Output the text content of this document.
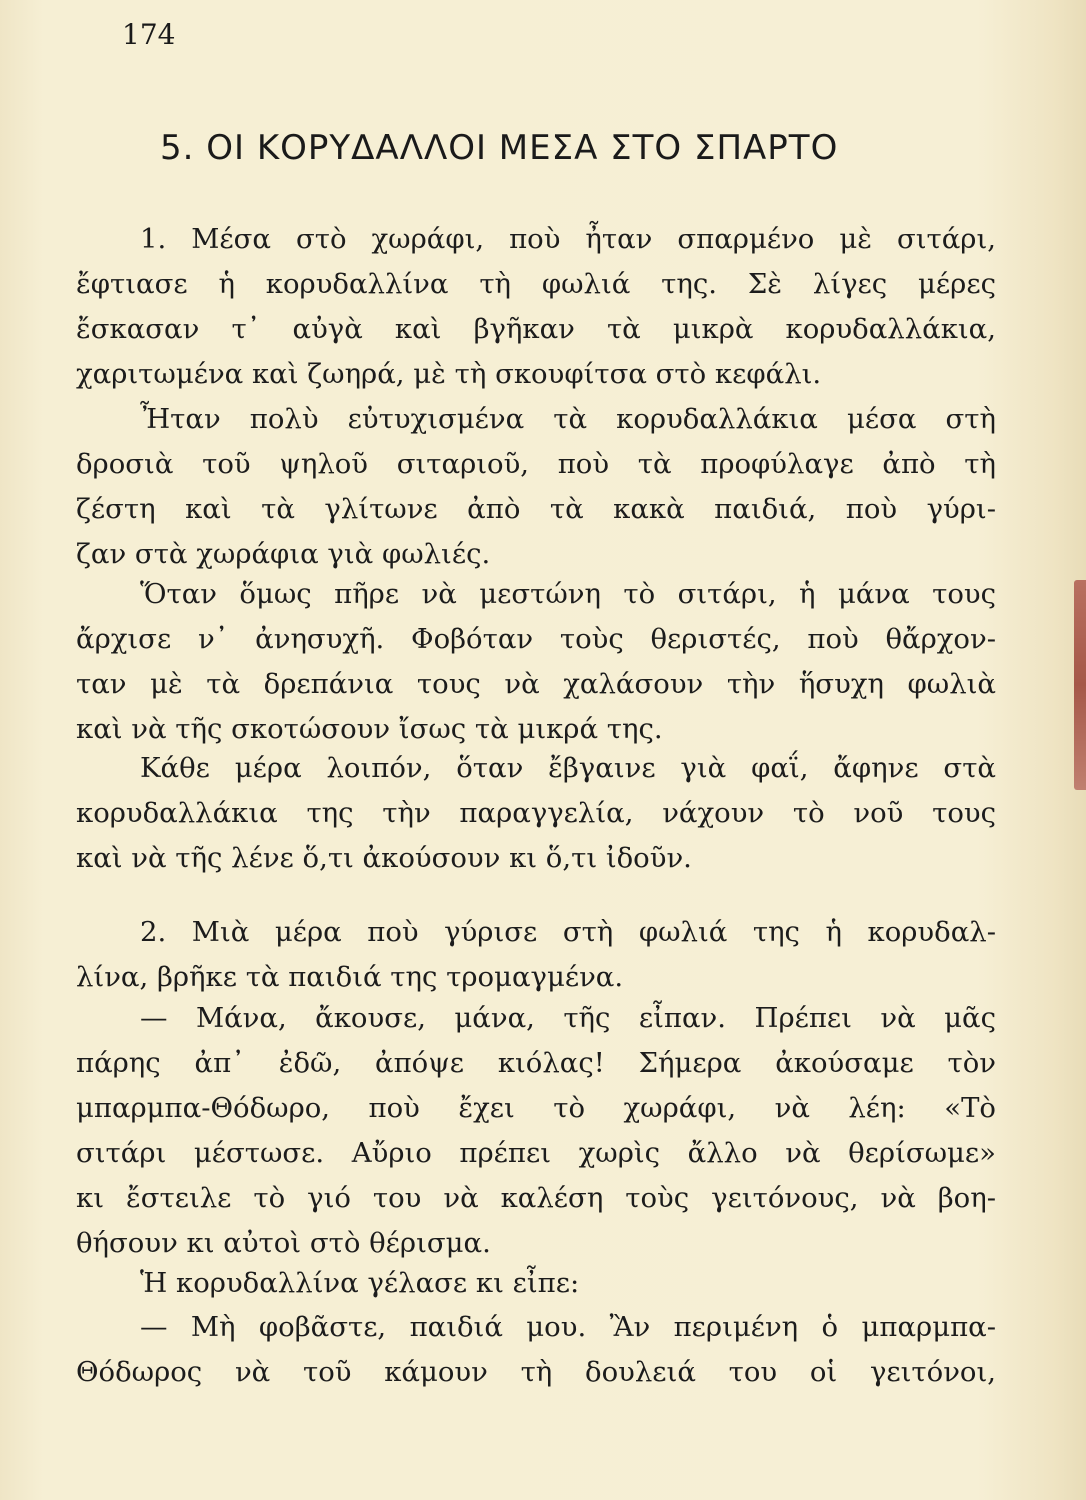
174
5. ΟΙ ΚΟΡΥΔΑΛΛΟΙ ΜΕΣΑ ΣΤΟ ΣΠΑΡΤΟ
1. Μέσα στὸ χωράφι, ποὺ ἦταν σπαρμένο μὲ σιτάρι,
ἔφτιασε ἡ κορυδαλλίνα τὴ φωλιά της. Σὲ λίγες μέρες
ἔσκασαν τ᾽ αὐγὰ καὶ βγῆκαν τὰ μικρὰ κορυδαλλάκια,
χαριτωμένα καὶ ζωηρά, μὲ τὴ σκουφίτσα στὸ κεφάλι.
Ἦταν πολὺ εὐτυχισμένα τὰ κορυδαλλάκια μέσα στὴ
δροσιὰ τοῦ ψηλοῦ σιταριοῦ, ποὺ τὰ προφύλαγε ἀπὸ τὴ
ζέστη καὶ τὰ γλίτωνε ἀπὸ τὰ κακὰ παιδιά, ποὺ γύρι-
ζαν στὰ χωράφια γιὰ φωλιές.
Ὅταν ὅμως πῆρε νὰ μεστώνη τὸ σιτάρι, ἡ μάνα τους
ἄρχισε ν᾽ ἀνησυχῆ. Φοβόταν τοὺς θεριστές, ποὺ θἄρχον-
ταν μὲ τὰ δρεπάνια τους νὰ χαλάσουν τὴν ἥσυχη φωλιὰ
καὶ νὰ τῆς σκοτώσουν ἴσως τὰ μικρά της.
Κάθε μέρα λοιπόν, ὅταν ἔβγαινε γιὰ φαΐ, ἄφηνε στὰ
κορυδαλλάκια της τὴν παραγγελία, νάχουν τὸ νοῦ τους
καὶ νὰ τῆς λένε ὅ,τι ἀκούσουν κι ὅ,τι ἰδοῦν.
2. Μιὰ μέρα ποὺ γύρισε στὴ φωλιά της ἡ κορυδαλ-
λίνα, βρῆκε τὰ παιδιά της τρομαγμένα.
— Μάνα, ἄκουσε, μάνα, τῆς εἶπαν. Πρέπει νὰ μᾶς
πάρης ἀπ᾽ ἐδῶ, ἀπόψε κιόλας! Σήμερα ἀκούσαμε τὸν
μπαρμπα-Θόδωρο, ποὺ ἔχει τὸ χωράφι, νὰ λέη: «Τὸ
σιτάρι μέστωσε. Αὔριο πρέπει χωρὶς ἄλλο νὰ θερίσωμε»
κι ἔστειλε τὸ γιό του νὰ καλέση τοὺς γειτόνους, νὰ βοη-
θήσουν κι αὐτοὶ στὸ θέρισμα.
Ἡ κορυδαλλίνα γέλασε κι εἶπε:
— Μὴ φοβᾶστε, παιδιά μου. Ἂν περιμένη ὁ μπαρμπα-
Θόδωρος νὰ τοῦ κάμουν τὴ δουλειά του οἱ γειτόνοι,
